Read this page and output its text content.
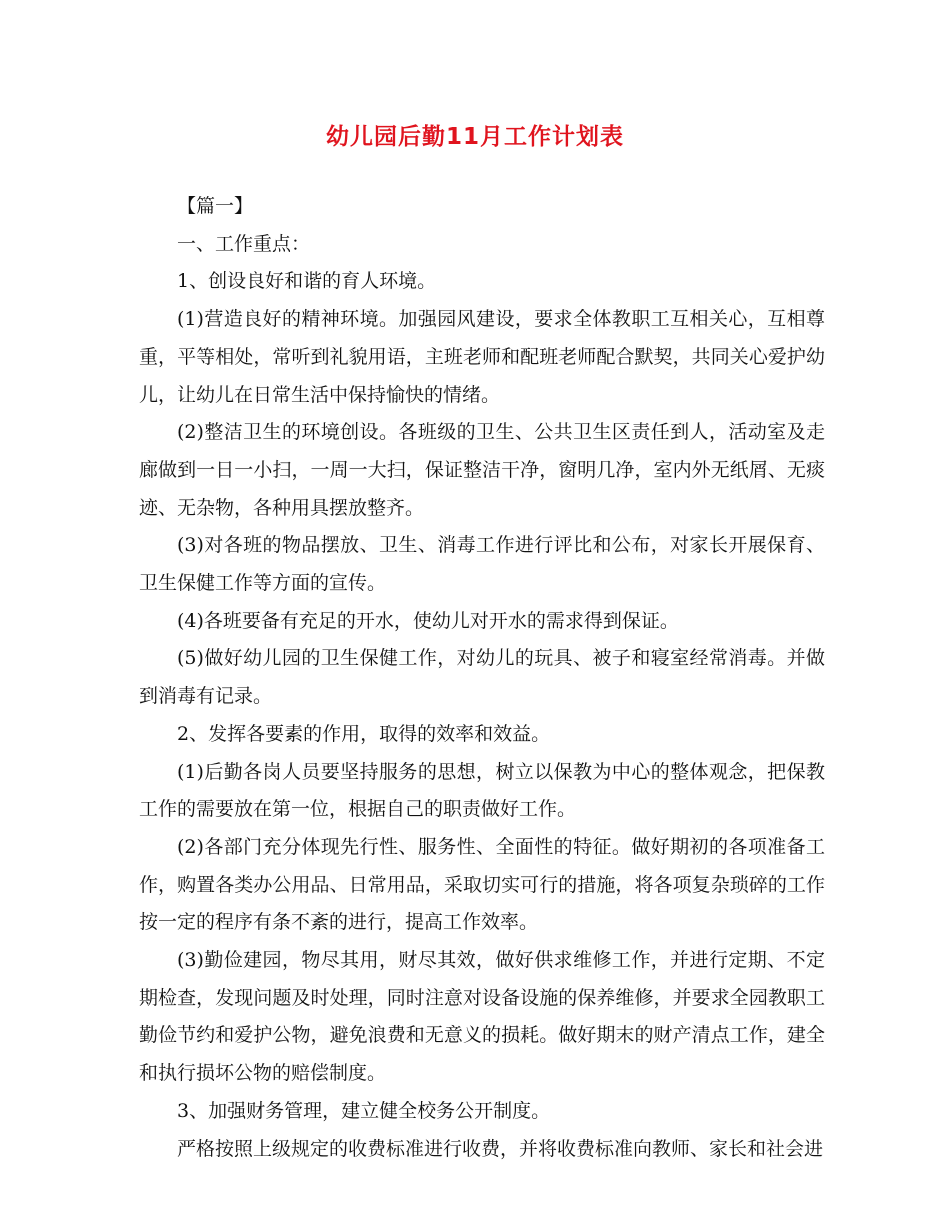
幼儿园后勤11月工作计划表

【篇一】

一、工作重点：

1、创设良好和谐的育人环境。

(1)营造良好的精神环境。加强园风建设，要求全体教职工互相关心，互相尊重，平等相处，常听到礼貌用语，主班老师和配班老师配合默契，共同关心爱护幼儿，让幼儿在日常生活中保持愉快的情绪。

(2)整洁卫生的环境创设。各班级的卫生、公共卫生区责任到人，活动室及走廊做到一日一小扫，一周一大扫，保证整洁干净，窗明几净，室内外无纸屑、无痰迹、无杂物，各种用具摆放整齐。

(3)对各班的物品摆放、卫生、消毒工作进行评比和公布，对家长开展保育、卫生保健工作等方面的宣传。

(4)各班要备有充足的开水，使幼儿对开水的需求得到保证。

(5)做好幼儿园的卫生保健工作，对幼儿的玩具、被子和寝室经常消毒。并做到消毒有记录。

2、发挥各要素的作用，取得的效率和效益。

(1)后勤各岗人员要坚持服务的思想，树立以保教为中心的整体观念，把保教工作的需要放在第一位，根据自己的职责做好工作。

(2)各部门充分体现先行性、服务性、全面性的特征。做好期初的各项准备工作，购置各类办公用品、日常用品，采取切实可行的措施，将各项复杂琐碎的工作按一定的程序有条不紊的进行，提高工作效率。

(3)勤俭建园，物尽其用，财尽其效，做好供求维修工作，并进行定期、不定期检查，发现问题及时处理，同时注意对设备设施的保养维修，并要求全园教职工勤俭节约和爱护公物，避免浪费和无意义的损耗。做好期末的财产清点工作，建全和执行损坏公物的赔偿制度。

3、加强财务管理，建立健全校务公开制度。

严格按照上级规定的收费标准进行收费，并将收费标准向教师、家长和社会进
